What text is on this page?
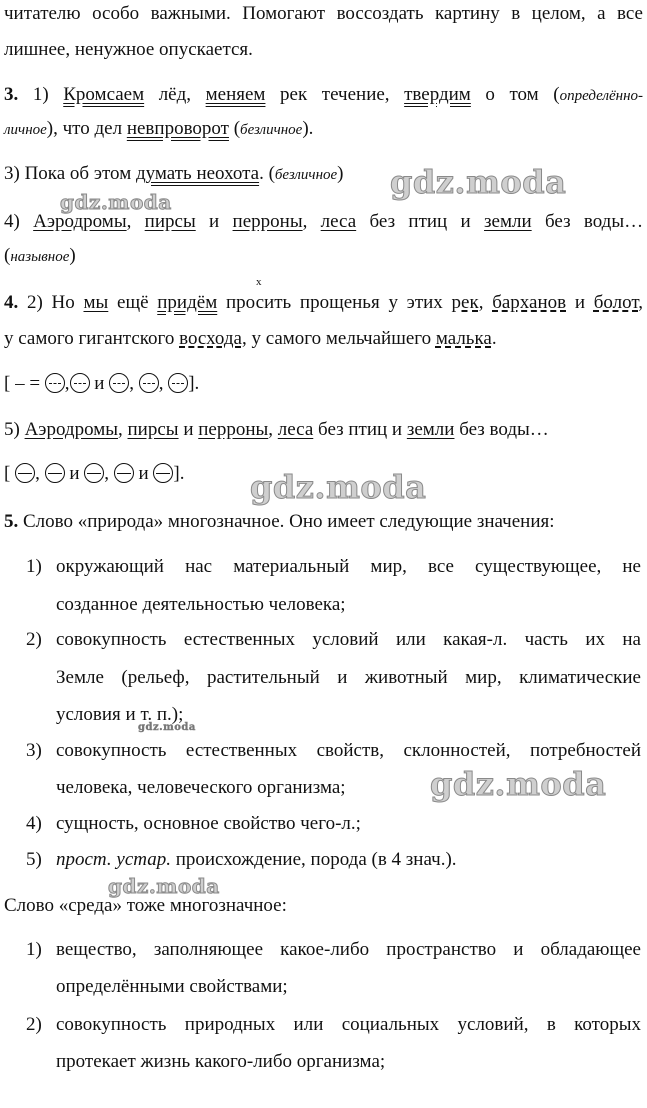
читателю особо важными. Помогают воссоздать картину в целом, а все
лишнее, ненужное опускается.
3. 1) Кромсаем лёд, меняем рек течение, твердим о том (определённо-
личное), что дел невпроворот (безличное).
3) Пока об этом думать неохота. (безличное)
4) Аэродромы, пирсы и перроны, леса без птиц и земли без воды…
(назывное)
х
4. 2) Но мы ещё придём просить прощенья у этих рек, барханов и болот,
у самого гигантского восхода, у самого мельчайшего малька.
[ – = , и , , ].
5) Аэродромы, пирсы и перроны, леса без птиц и земли без воды…
[ ,  и ,  и ].
5. Слово «природа» многозначное. Оно имеет следующие значения:
1) окружающий нас материальный мир, все существующее, не
созданное деятельностью человека;
2) совокупность естественных условий или какая-л. часть их на
Земле (рельеф, растительный и животный мир, климатические
условия и т. п.);
3) совокупность естественных свойств, склонностей, потребностей
человека, человеческого организма;
4) сущность, основное свойство чего-л.;
5) прост. устар. происхождение, порода (в 4 знач.).
Слово «среда» тоже многозначное:
1) вещество, заполняющее какое-либо пространство и обладающее
определёнными свойствами;
2) совокупность природных или социальных условий, в которых
протекает жизнь какого-либо организма;
gdz.moda
gdz.moda
gdz.moda
gdz.moda
gdz.moda
gdz.moda
